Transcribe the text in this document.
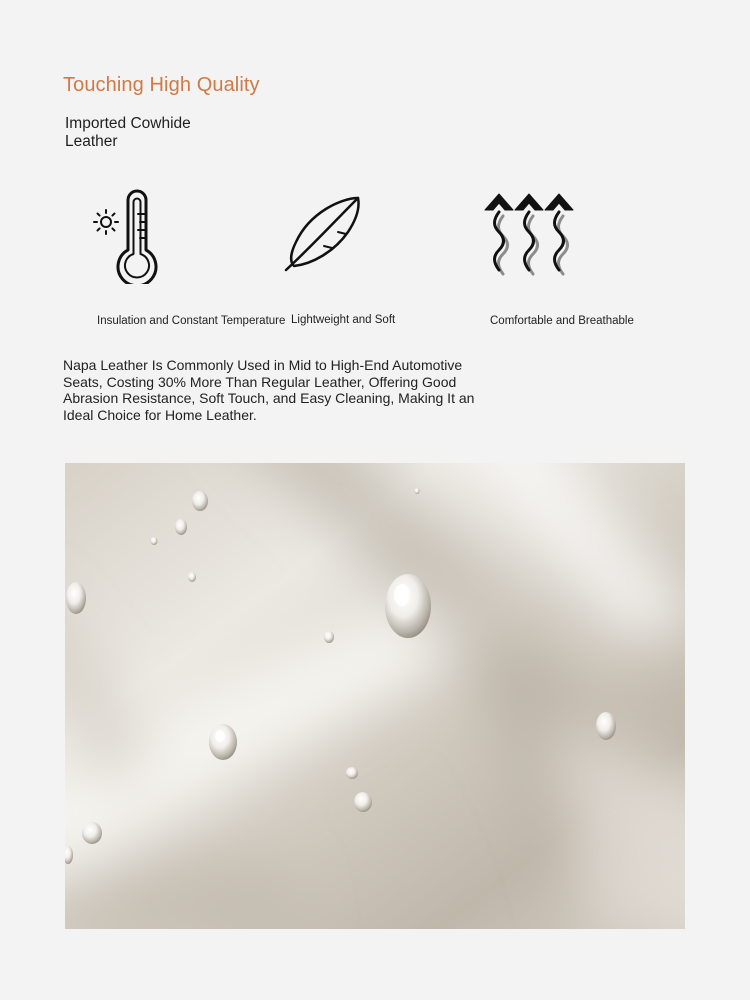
Touching High Quality
Imported Cowhide Leather
Insulation and Constant Temperature Lightweight and Soft	Comfortable and Breathable
Napa Leather Is Commonly Used in Mid to High-End Automotive Seats, Costing 30% More Than Regular Leather, Offering Good Abrasion Resistance, Soft Touch, and Easy Cleaning, Making It an Ideal Choice for Home Leather.
